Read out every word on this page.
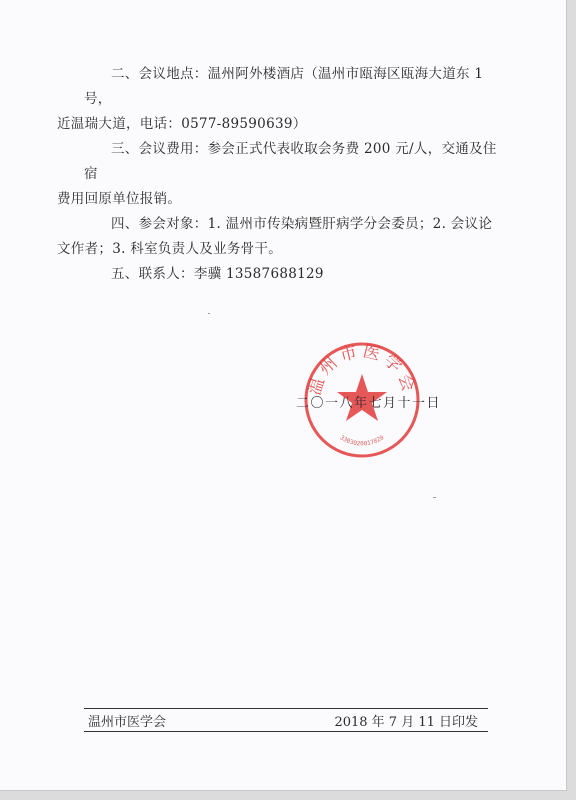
二、会议地点：温州阿外楼酒店（温州市瓯海区瓯海大道东 1 号，
近温瑞大道，电话：0577-89590639）

三、会议费用：参会正式代表收取会务费 200 元/人，交通及住宿
费用回原单位报销。

四、参会对象：1. 温州市传染病暨肝病学分会委员；2. 会议论
文作者；3. 科室负责人及业务骨干。

五、联系人：李骥 13587688129

温州市医学会
3303020017820
二〇一八年七月十一日
温州市医学会	2018 年 7 月 11 日印发
